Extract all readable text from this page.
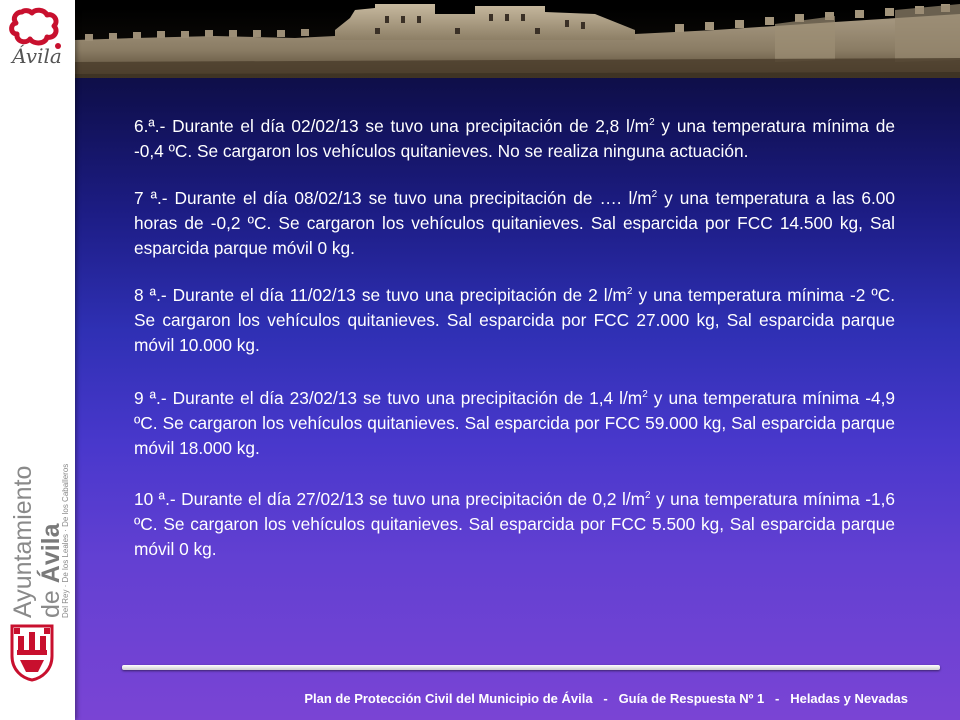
Ávila
Ayuntamiento de Ávila
Del Rey · De los Leales · De los Caballeros

6.ª.- Durante el día 02/02/13 se tuvo una precipitación de 2,8 $l/m^2$ y una temperatura mínima de -0,4 ºC. Se cargaron los vehículos quitanieves. No se realiza ninguna actuación.

7 ª.- Durante el día 08/02/13 se tuvo una precipitación de …. $l/m^2$ y una temperatura a las 6.00 horas de -0,2 ºC. Se cargaron los vehículos quitanieves. Sal esparcida por FCC 14.500 kg, Sal esparcida parque móvil 0 kg.

8 ª.- Durante el día 11/02/13 se tuvo una precipitación de 2 $l/m^2$ y una temperatura mínima -2 ºC. Se cargaron los vehículos quitanieves. Sal esparcida por FCC 27.000 kg, Sal esparcida parque móvil 10.000 kg.

9 ª.- Durante el día 23/02/13 se tuvo una precipitación de 1,4 $l/m^2$ y una temperatura mínima -4,9 ºC. Se cargaron los vehículos quitanieves. Sal esparcida por FCC 59.000 kg, Sal esparcida parque móvil 18.000 kg.

10 ª.- Durante el día 27/02/13 se tuvo una precipitación de 0,2 $l/m^2$ y una temperatura mínima -1,6 ºC. Se cargaron los vehículos quitanieves. Sal esparcida por FCC 5.500 kg, Sal esparcida parque móvil 0 kg.

Plan de Protección Civil del Municipio de Ávila   -   Guía de Respuesta Nº 1   -   Heladas y Nevadas
